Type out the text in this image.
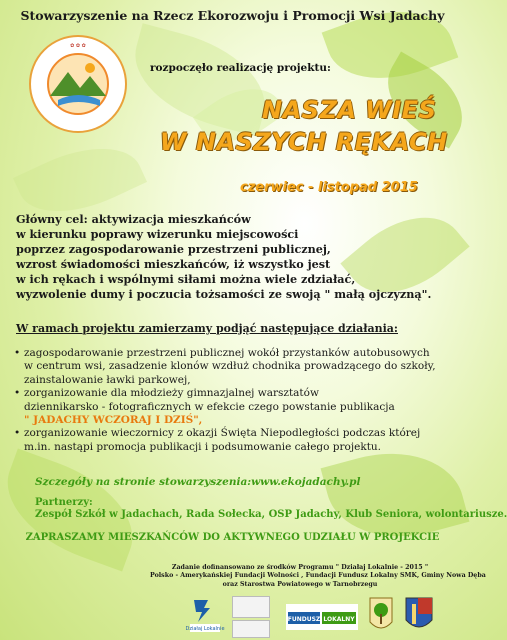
Stowarzyszenie na Rzecz Ekorozwoju i Promocji Wsi Jadachy
✿ ✿ ✿
rozpoczęło realizację projektu:
NASZA WIEŚ
W NASZYCH RĘKACH
czerwiec - listopad 2015
Główny cel: aktywizacja mieszkańców
w kierunku poprawy wizerunku miejscowości
poprzez zagospodarowanie przestrzeni publicznej,
wzrost świadomości mieszkańców, iż wszystko jest
w ich rękach i wspólnymi siłami można wiele zdziałać,
wyzwolenie dumy i poczucia tożsamości ze swoją " małą ojczyzną".
W ramach projektu zamierzamy podjąć następujące działania:
• zagospodarowanie przestrzeni publicznej wokół przystanków autobusowych
w centrum wsi, zasadzenie klonów wzdłuż chodnika prowadzącego do szkoły,
zainstalowanie ławki parkowej,
• zorganizowanie dla młodzieży gimnazjalnej warsztatów
dziennikarsko - fotograficznych w efekcie czego powstanie publikacja
" JADACHY WCZORAJ I DZIŚ",
• zorganizowanie wieczornicy z okazji Święta Niepodległości podczas której
m.in. nastąpi promocja publikacji i podsumowanie całego projektu.
Szczegóły na stronie stowarzyszenia:www.ekojadachy.pl
Partnerzy:
Zespół Szkół w Jadachach, Rada Sołecka, OSP Jadachy, Klub Seniora, wolontariusze.
ZAPRASZAMY MIESZKAŃCÓW DO AKTYWNEGO UDZIAŁU W PROJEKCIE
Zadanie dofinansowano ze środków Programu " Działaj Lokalnie - 2015 "
Polsko - Amerykańskiej Fundacji Wolności , Fundacji Fundusz Lokalny SMK, Gminy Nowa Dęba
oraz Starostwa Powiatowego w Tarnobrzegu
Działaj Lokalnie
FUNDUSZ LOKALNY
